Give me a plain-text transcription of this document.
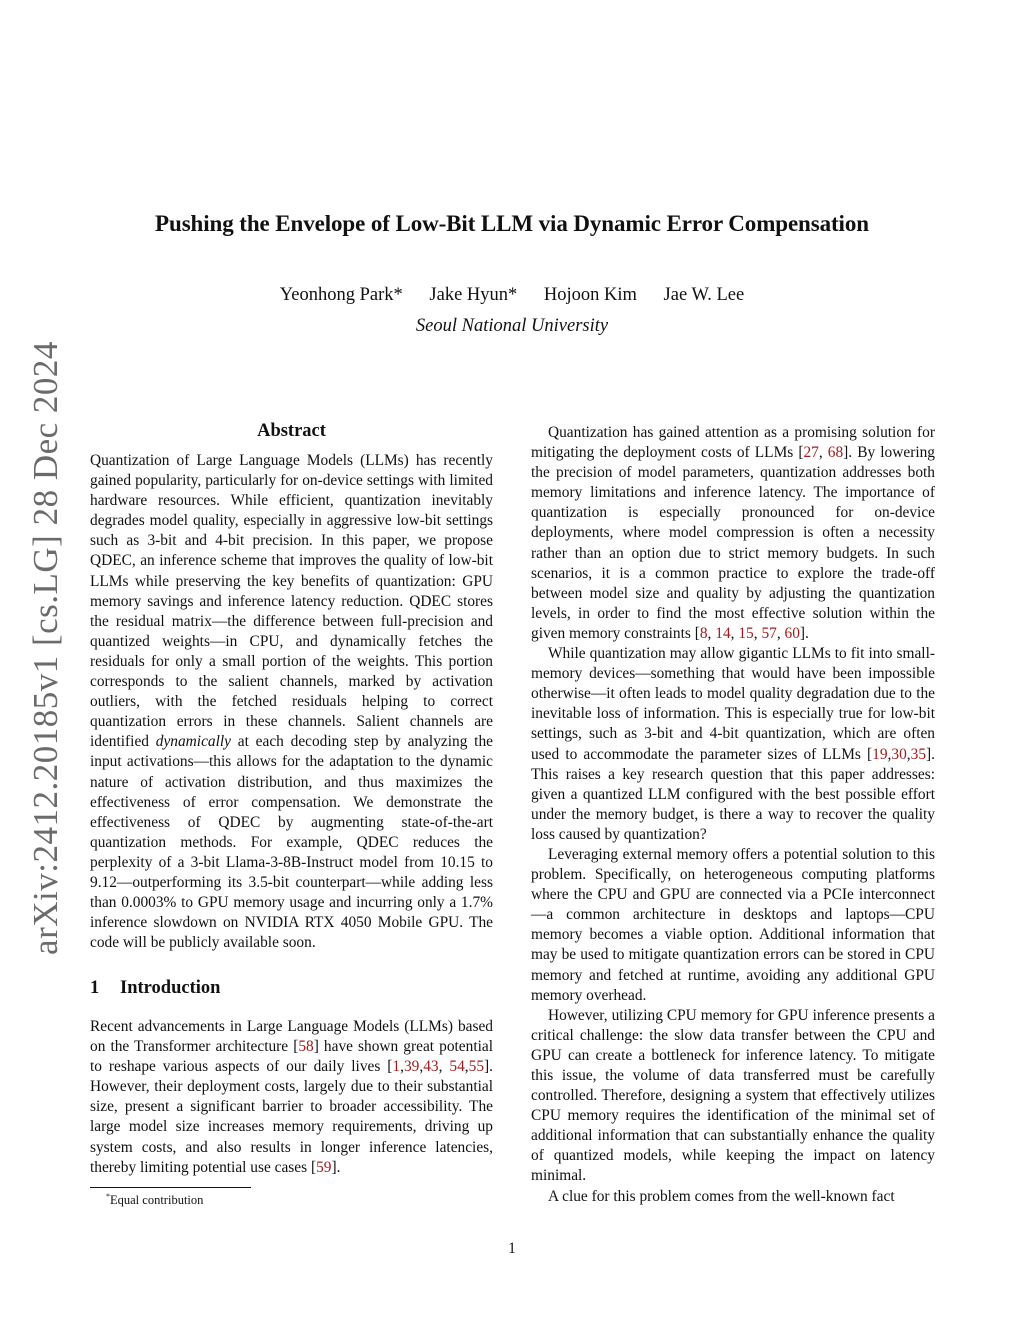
arXiv:2412.20185v1 [cs.LG] 28 Dec 2024
Pushing the Envelope of Low-Bit LLM via Dynamic Error Compensation
Yeonhong Park* Jake Hyun* Hojoon Kim Jae W. Lee
Seoul National University
Abstract

Quantization of Large Language Models (LLMs) has recently gained popularity, particularly for on-device settings with limited hardware resources. While efficient, quantization inevitably degrades model quality, especially in aggressive low-bit settings such as 3-bit and 4-bit precision. In this paper, we propose QDEC, an inference scheme that improves the quality of low-bit LLMs while preserving the key benefits of quantization: GPU memory savings and inference latency reduction. QDEC stores the residual matrix—the difference between full-precision and quantized weights—in CPU, and dynamically fetches the residuals for only a small portion of the weights. This portion corresponds to the salient channels, marked by activation outliers, with the fetched residuals helping to correct quantization errors in these channels. Salient channels are identified dynamically at each decoding step by analyzing the input activations—this allows for the adaptation to the dynamic nature of activation distribution, and thus maximizes the effectiveness of error compensation. We demonstrate the effectiveness of QDEC by augmenting state-of-the-art quantization methods. For example, QDEC reduces the perplexity of a 3-bit Llama-3-8B-Instruct model from 10.15 to 9.12—outperforming its 3.5-bit counterpart—while adding less than 0.0003% to GPU memory usage and incurring only a 1.7% inference slowdown on NVIDIA RTX 4050 Mobile GPU. The code will be publicly available soon.

1 Introduction

Recent advancements in Large Language Models (LLMs) based on the Transformer architecture [58] have shown great potential to reshape various aspects of our daily lives [1,39,43, 54,55]. However, their deployment costs, largely due to their substantial size, present a significant barrier to broader accessibility. The large model size increases memory requirements, driving up system costs, and also results in longer inference latencies, thereby limiting potential use cases [59].

*Equal contribution

Quantization has gained attention as a promising solution for mitigating the deployment costs of LLMs [27, 68]. By lowering the precision of model parameters, quantization addresses both memory limitations and inference latency. The importance of quantization is especially pronounced for on-device deployments, where model compression is often a necessity rather than an option due to strict memory budgets. In such scenarios, it is a common practice to explore the trade-off between model size and quality by adjusting the quantization levels, in order to find the most effective solution within the given memory constraints [8, 14, 15, 57, 60].

While quantization may allow gigantic LLMs to fit into small-memory devices—something that would have been impossible otherwise—it often leads to model quality degradation due to the inevitable loss of information. This is especially true for low-bit settings, such as 3-bit and 4-bit quantization, which are often used to accommodate the parameter sizes of LLMs [19,30,35]. This raises a key research question that this paper addresses: given a quantized LLM configured with the best possible effort under the memory budget, is there a way to recover the quality loss caused by quantization?

Leveraging external memory offers a potential solution to this problem. Specifically, on heterogeneous computing platforms where the CPU and GPU are connected via a PCIe interconnect—a common architecture in desktops and laptops—CPU memory becomes a viable option. Additional information that may be used to mitigate quantization errors can be stored in CPU memory and fetched at runtime, avoiding any additional GPU memory overhead.

However, utilizing CPU memory for GPU inference presents a critical challenge: the slow data transfer between the CPU and GPU can create a bottleneck for inference latency. To mitigate this issue, the volume of data transferred must be carefully controlled. Therefore, designing a system that effectively utilizes CPU memory requires the identification of the minimal set of additional information that can substantially enhance the quality of quantized models, while keeping the impact on latency minimal.

A clue for this problem comes from the well-known fact

1
